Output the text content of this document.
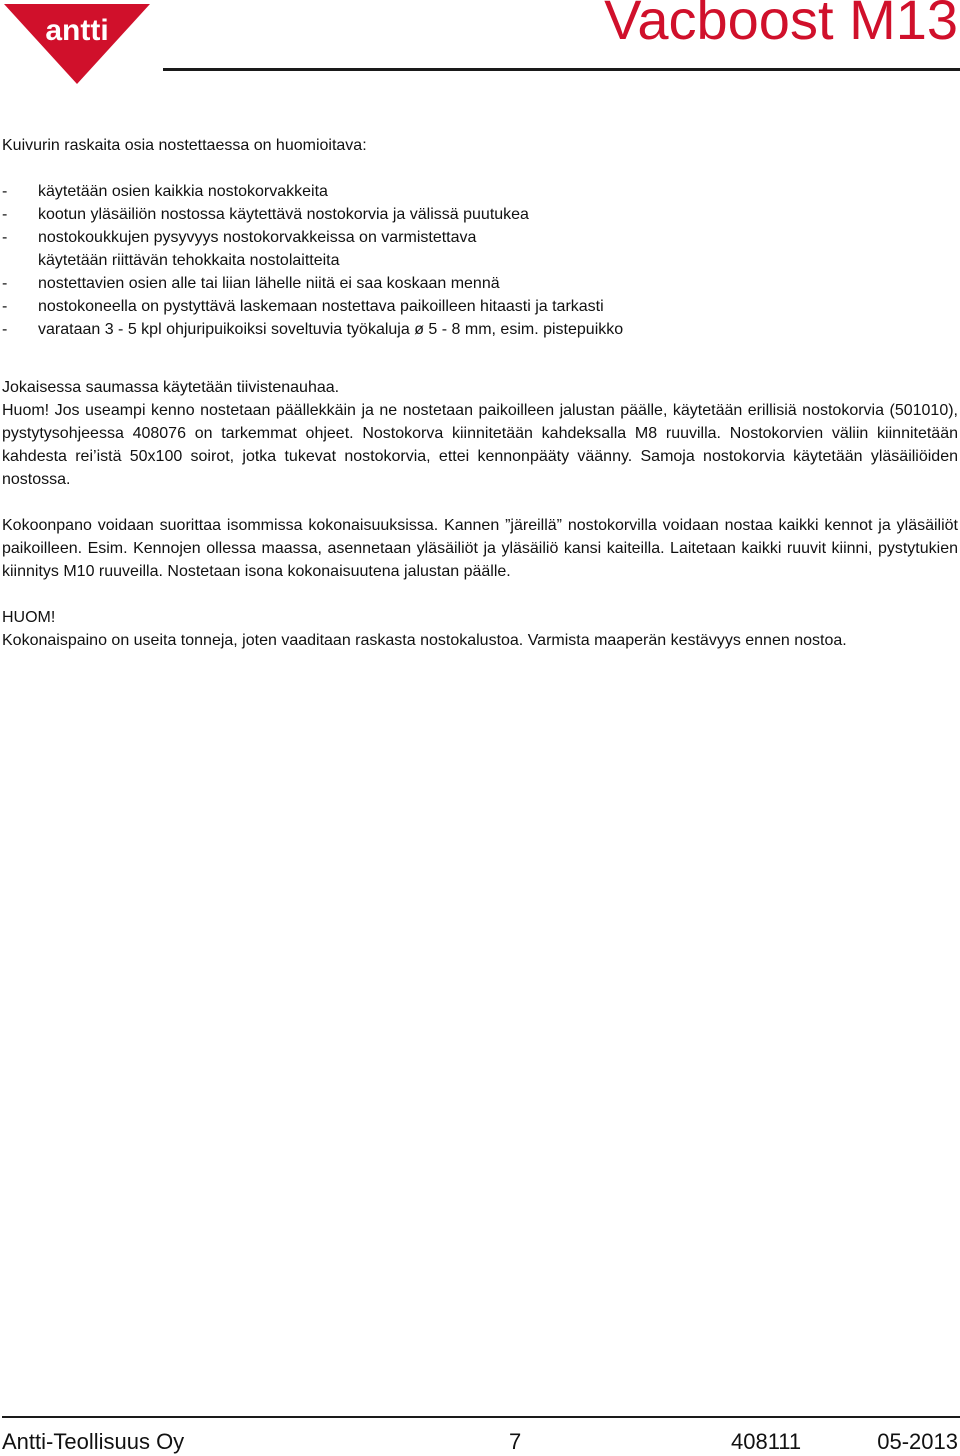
antti	Vacboost M13

Kuivurin raskaita osia nostettaessa on huomioitava:

- käytetään osien kaikkia nostokorvakkeita
- kootun yläsäiliön nostossa käytettävä nostokorvia ja välissä puutukea
- nostokoukkujen pysyvyys nostokorvakkeissa on varmistettava
käytetään riittävän tehokkaita nostolaitteita
- nostettavien osien alle tai liian lähelle niitä ei saa koskaan mennä
- nostokoneella on pystyttävä laskemaan nostettava paikoilleen hitaasti ja tarkasti
- varataan 3 - 5 kpl ohjuripuikoiksi soveltuvia työkaluja ø 5 - 8 mm, esim. pistepuikko

Jokaisessa saumassa käytetään tiivistenauhaa.

Huom! Jos useampi kenno nostetaan päällekkäin ja ne nostetaan paikoilleen jalustan päälle, käytetään erillisiä nostokorvia (501010), pystytysohjeessa 408076 on tarkemmat ohjeet. Nostokorva kiinnitetään kahdeksalla M8 ruuvilla. Nostokorvien väliin kiinnitetään kahdesta rei’istä 50x100 soirot, jotka tukevat nostokorvia, ettei kennonpääty väänny. Samoja nostokorvia käytetään yläsäiliöiden nostossa.

Kokoonpano voidaan suorittaa isommissa kokonaisuuksissa. Kannen ”järeillä” nostokorvilla voidaan nostaa kaikki kennot ja yläsäiliöt paikoilleen. Esim. Kennojen ollessa maassa, asennetaan yläsäiliöt ja yläsäiliö kansi kaiteilla. Laitetaan kaikki ruuvit kiinni, pystytukien kiinnitys M10 ruuveilla. Nostetaan isona kokonaisuutena jalustan päälle.

HUOM!

Kokonaispaino on useita tonneja, joten vaaditaan raskasta nostokalustoa. Varmista maaperän kestävyys ennen nostoa.

Antti-Teollisuus Oy	7	408111	05-2013
